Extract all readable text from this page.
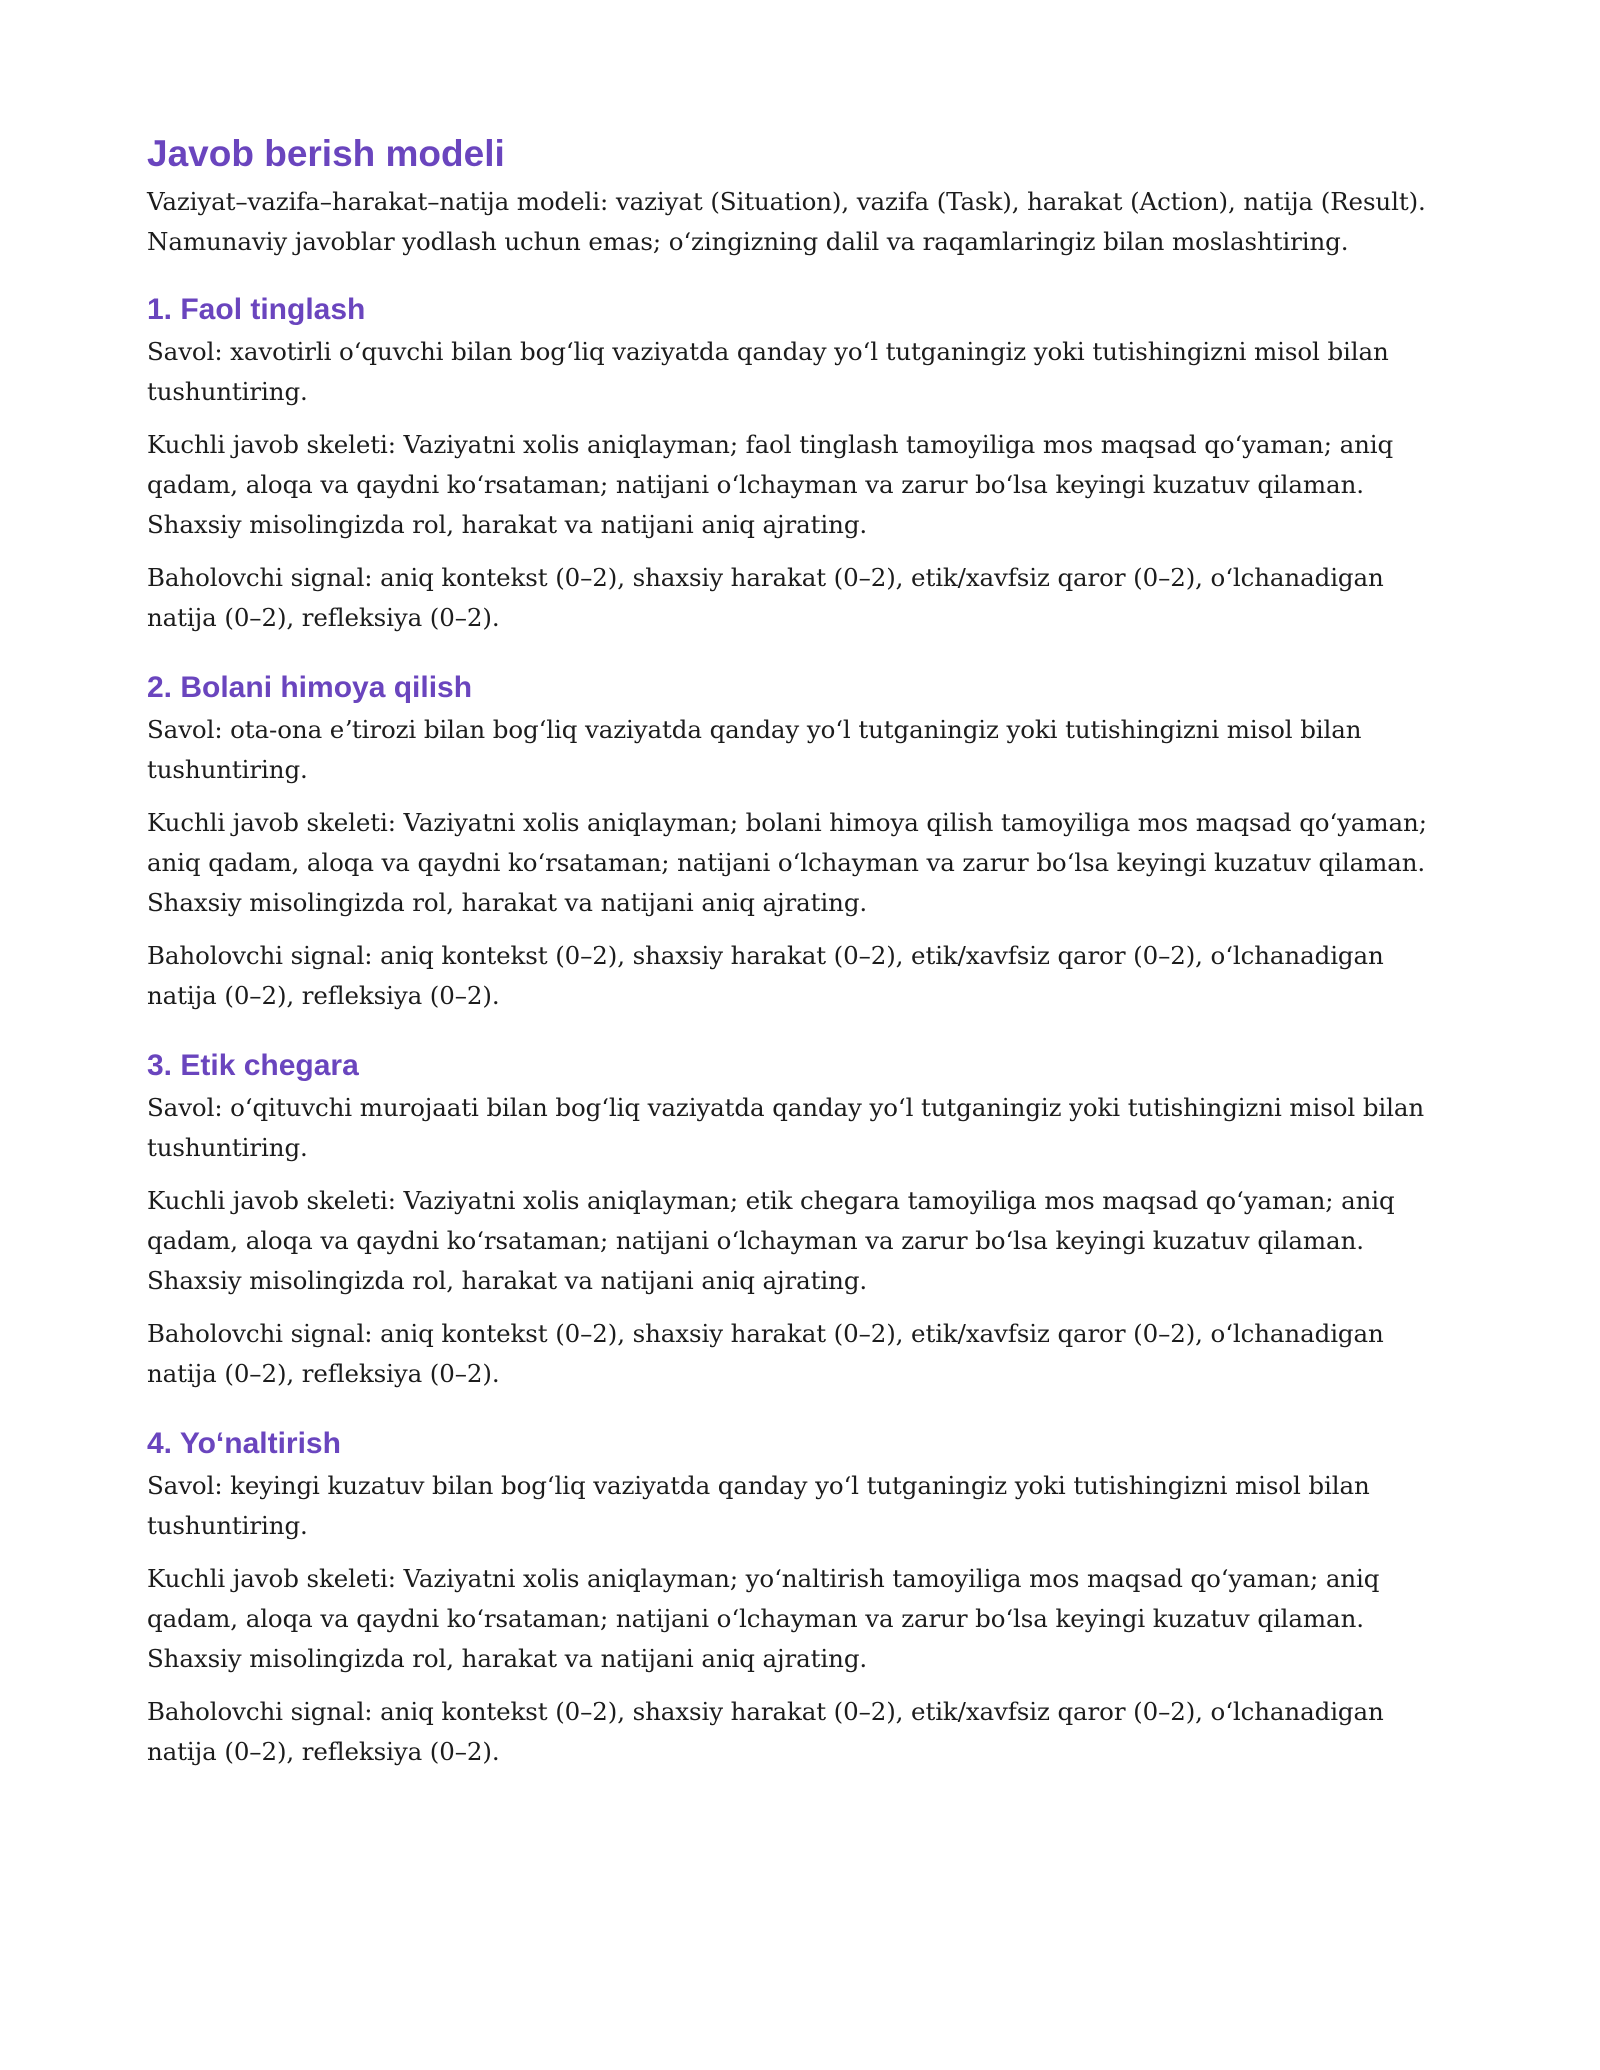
Javob berish modeli

Vaziyat–vazifa–harakat–natija modeli: vaziyat (Situation), vazifa (Task), harakat (Action), natija (Result). Namunaviy javoblar yodlash uchun emas; oʻzingizning dalil va raqamlaringiz bilan moslashtiring.

1. Faol tinglash

Savol: xavotirli oʻquvchi bilan bogʻliq vaziyatda qanday yoʻl tutganingiz yoki tutishingizni misol bilan tushuntiring.

Kuchli javob skeleti: Vaziyatni xolis aniqlayman; faol tinglash tamoyiliga mos maqsad qoʻyaman; aniq qadam, aloqa va qaydni koʻrsataman; natijani oʻlchayman va zarur boʻlsa keyingi kuzatuv qilaman. Shaxsiy misolingizda rol, harakat va natijani aniq ajrating.

Baholovchi signal: aniq kontekst (0–2), shaxsiy harakat (0–2), etik/xavfsiz qaror (0–2), oʻlchanadigan natija (0–2), refleksiya (0–2).

2. Bolani himoya qilish

Savol: ota-ona eʼtirozi bilan bogʻliq vaziyatda qanday yoʻl tutganingiz yoki tutishingizni misol bilan tushuntiring.

Kuchli javob skeleti: Vaziyatni xolis aniqlayman; bolani himoya qilish tamoyiliga mos maqsad qoʻyaman; aniq qadam, aloqa va qaydni koʻrsataman; natijani oʻlchayman va zarur boʻlsa keyingi kuzatuv qilaman. Shaxsiy misolingizda rol, harakat va natijani aniq ajrating.

Baholovchi signal: aniq kontekst (0–2), shaxsiy harakat (0–2), etik/xavfsiz qaror (0–2), oʻlchanadigan natija (0–2), refleksiya (0–2).

3. Etik chegara

Savol: oʻqituvchi murojaati bilan bogʻliq vaziyatda qanday yoʻl tutganingiz yoki tutishingizni misol bilan tushuntiring.

Kuchli javob skeleti: Vaziyatni xolis aniqlayman; etik chegara tamoyiliga mos maqsad qoʻyaman; aniq qadam, aloqa va qaydni koʻrsataman; natijani oʻlchayman va zarur boʻlsa keyingi kuzatuv qilaman. Shaxsiy misolingizda rol, harakat va natijani aniq ajrating.

Baholovchi signal: aniq kontekst (0–2), shaxsiy harakat (0–2), etik/xavfsiz qaror (0–2), oʻlchanadigan natija (0–2), refleksiya (0–2).

4. Yoʻnaltirish

Savol: keyingi kuzatuv bilan bogʻliq vaziyatda qanday yoʻl tutganingiz yoki tutishingizni misol bilan tushuntiring.

Kuchli javob skeleti: Vaziyatni xolis aniqlayman; yoʻnaltirish tamoyiliga mos maqsad qoʻyaman; aniq qadam, aloqa va qaydni koʻrsataman; natijani oʻlchayman va zarur boʻlsa keyingi kuzatuv qilaman. Shaxsiy misolingizda rol, harakat va natijani aniq ajrating.

Baholovchi signal: aniq kontekst (0–2), shaxsiy harakat (0–2), etik/xavfsiz qaror (0–2), oʻlchanadigan natija (0–2), refleksiya (0–2).
